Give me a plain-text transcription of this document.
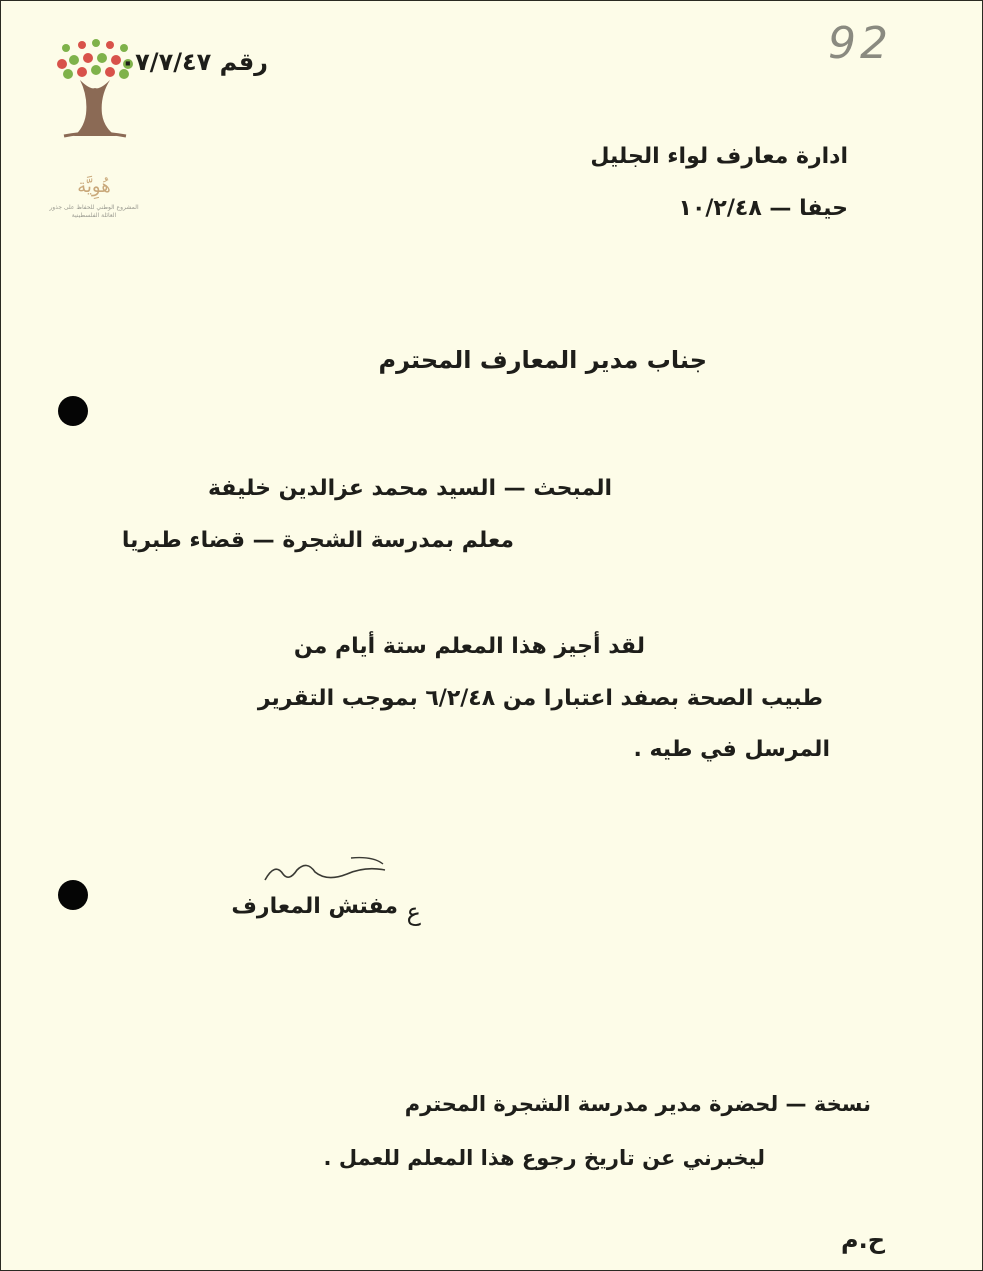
هُوِيَّة
المشروع الوطني للحفاظ على جذور العائلة الفلسطينية
رقم ٧/٤٧/‏٠٧	92
ادارة معارف لواء الجليل
حيفا — ١٠/٢/٤٨
جناب مدير المعارف المحترم
المبحث — السيد محمد عزالدين خليفة
معلم بمدرسة الشجرة — قضاء طبريا
لقد أجيز هذا المعلم ستة أيام من
طبيب الصحة بصفد اعتبارا من ٦/٢/٤٨ بموجب التقرير
المرسل في طيه .
مفتش المعارف ع
نسخة — لحضرة مدير مدرسة الشجرة المحترم
ليخبرني عن تاريخ رجوع هذا المعلم للعمل .
ح.م
